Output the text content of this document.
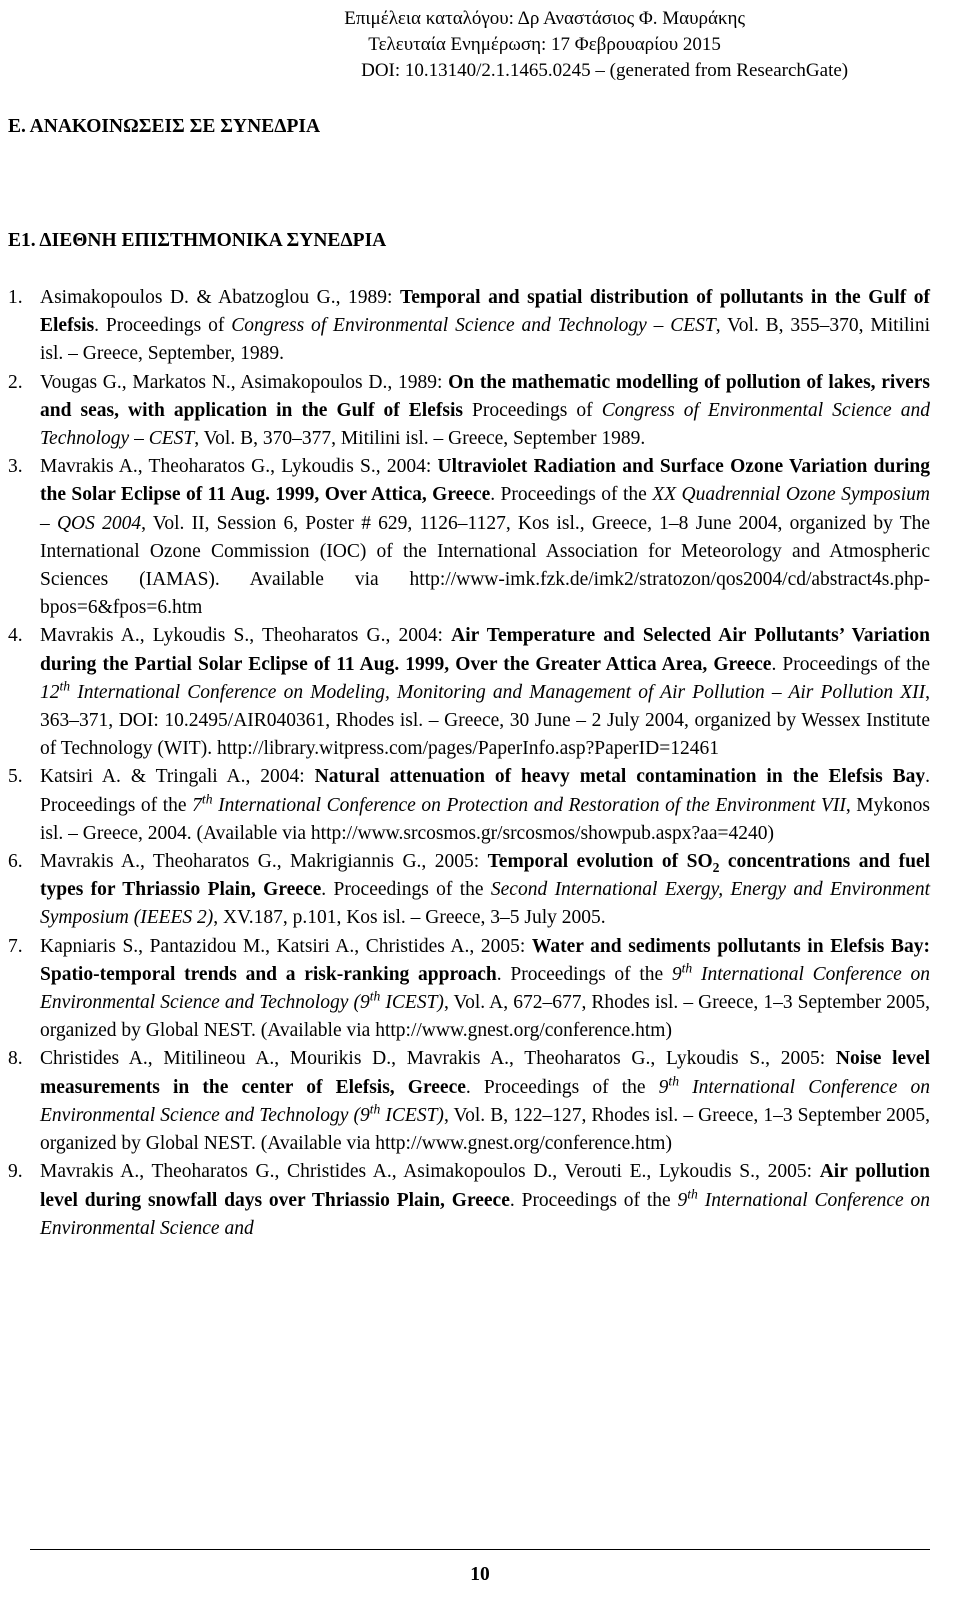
Επιμέλεια καταλόγου: Δρ Αναστάσιος Φ. Μαυράκης
Τελευταία Ενημέρωση: 17 Φεβρουαρίου 2015
DOI: 10.13140/2.1.1465.0245 – (generated from ResearchGate)
Ε. ΑΝΑΚΟΙΝΩΣΕΙΣ ΣΕ ΣΥΝΕΔΡΙΑ
Ε1. ΔΙΕΘΝΗ ΕΠΙΣΤΗΜΟΝΙΚΑ ΣΥΝΕΔΡΙΑ

1. Asimakopoulos D. & Abatzoglou G., 1989: Temporal and spatial distribution of pollutants in the Gulf of Elefsis. Proceedings of Congress of Environmental Science and Technology – CEST, Vol. B, 355–370, Mitilini isl. – Greece, September, 1989.

2. Vougas G., Markatos N., Asimakopoulos D., 1989: On the mathematic modelling of pollution of lakes, rivers and seas, with application in the Gulf of Elefsis Proceedings of Congress of Environmental Science and Technology – CEST, Vol. B, 370–377, Mitilini isl. – Greece, September 1989.

3. Mavrakis A., Theoharatos G., Lykoudis S., 2004: Ultraviolet Radiation and Surface Ozone Variation during the Solar Eclipse of 11 Aug. 1999, Over Attica, Greece. Proceedings of the XX Quadrennial Ozone Symposium – QOS 2004, Vol. II, Session 6, Poster # 629, 1126–1127, Kos isl., Greece, 1–8 June 2004, organized by The International Ozone Commission (IOC) of the International Association for Meteorology and Atmospheric Sciences (IAMAS). Available via http://www-imk.fzk.de/imk2/stratozon/qos2004/cd/abstract4s.php-bpos=6&fpos=6.htm

4. Mavrakis A., Lykoudis S., Theoharatos G., 2004: Air Temperature and Selected Air Pollutants’ Variation during the Partial Solar Eclipse of 11 Aug. 1999, Over the Greater Attica Area, Greece. Proceedings of the 12th International Conference on Modeling, Monitoring and Management of Air Pollution – Air Pollution XII, 363–371, DOI: 10.2495/AIR040361, Rhodes isl. – Greece, 30 June – 2 July 2004, organized by Wessex Institute of Technology (WIT). http://library.witpress.com/pages/PaperInfo.asp?PaperID=12461

5. Katsiri A. & Tringali A., 2004: Natural attenuation of heavy metal contamination in the Elefsis Bay. Proceedings of the 7th International Conference on Protection and Restoration of the Environment VII, Mykonos isl. – Greece, 2004. (Available via http://www.srcosmos.gr/srcosmos/showpub.aspx?aa=4240)

6. Mavrakis A., Theoharatos G., Makrigiannis G., 2005: Temporal evolution of $SO_2$ concentrations and fuel types for Thriassio Plain, Greece. Proceedings of the Second International Exergy, Energy and Environment Symposium (IEEES 2), XV.187, p.101, Kos isl. – Greece, 3–5 July 2005.

7. Kapniaris S., Pantazidou M., Katsiri A., Christides A., 2005: Water and sediments pollutants in Elefsis Bay: Spatio-temporal trends and a risk-ranking approach. Proceedings of the 9th International Conference on Environmental Science and Technology (9th ICEST), Vol. A, 672–677, Rhodes isl. – Greece, 1–3 September 2005, organized by Global NEST. (Available via http://www.gnest.org/conference.htm)

8. Christides A., Mitilineou A., Mourikis D., Mavrakis A., Theoharatos G., Lykoudis S., 2005: Noise level measurements in the center of Elefsis, Greece. Proceedings of the 9th International Conference on Environmental Science and Technology (9th ICEST), Vol. B, 122–127, Rhodes isl. – Greece, 1–3 September 2005, organized by Global NEST. (Available via http://www.gnest.org/conference.htm)

9. Mavrakis A., Theoharatos G., Christides A., Asimakopoulos D., Verouti E., Lykoudis S., 2005: Air pollution level during snowfall days over Thriassio Plain, Greece. Proceedings of the 9th International Conference on Environmental Science and

10
